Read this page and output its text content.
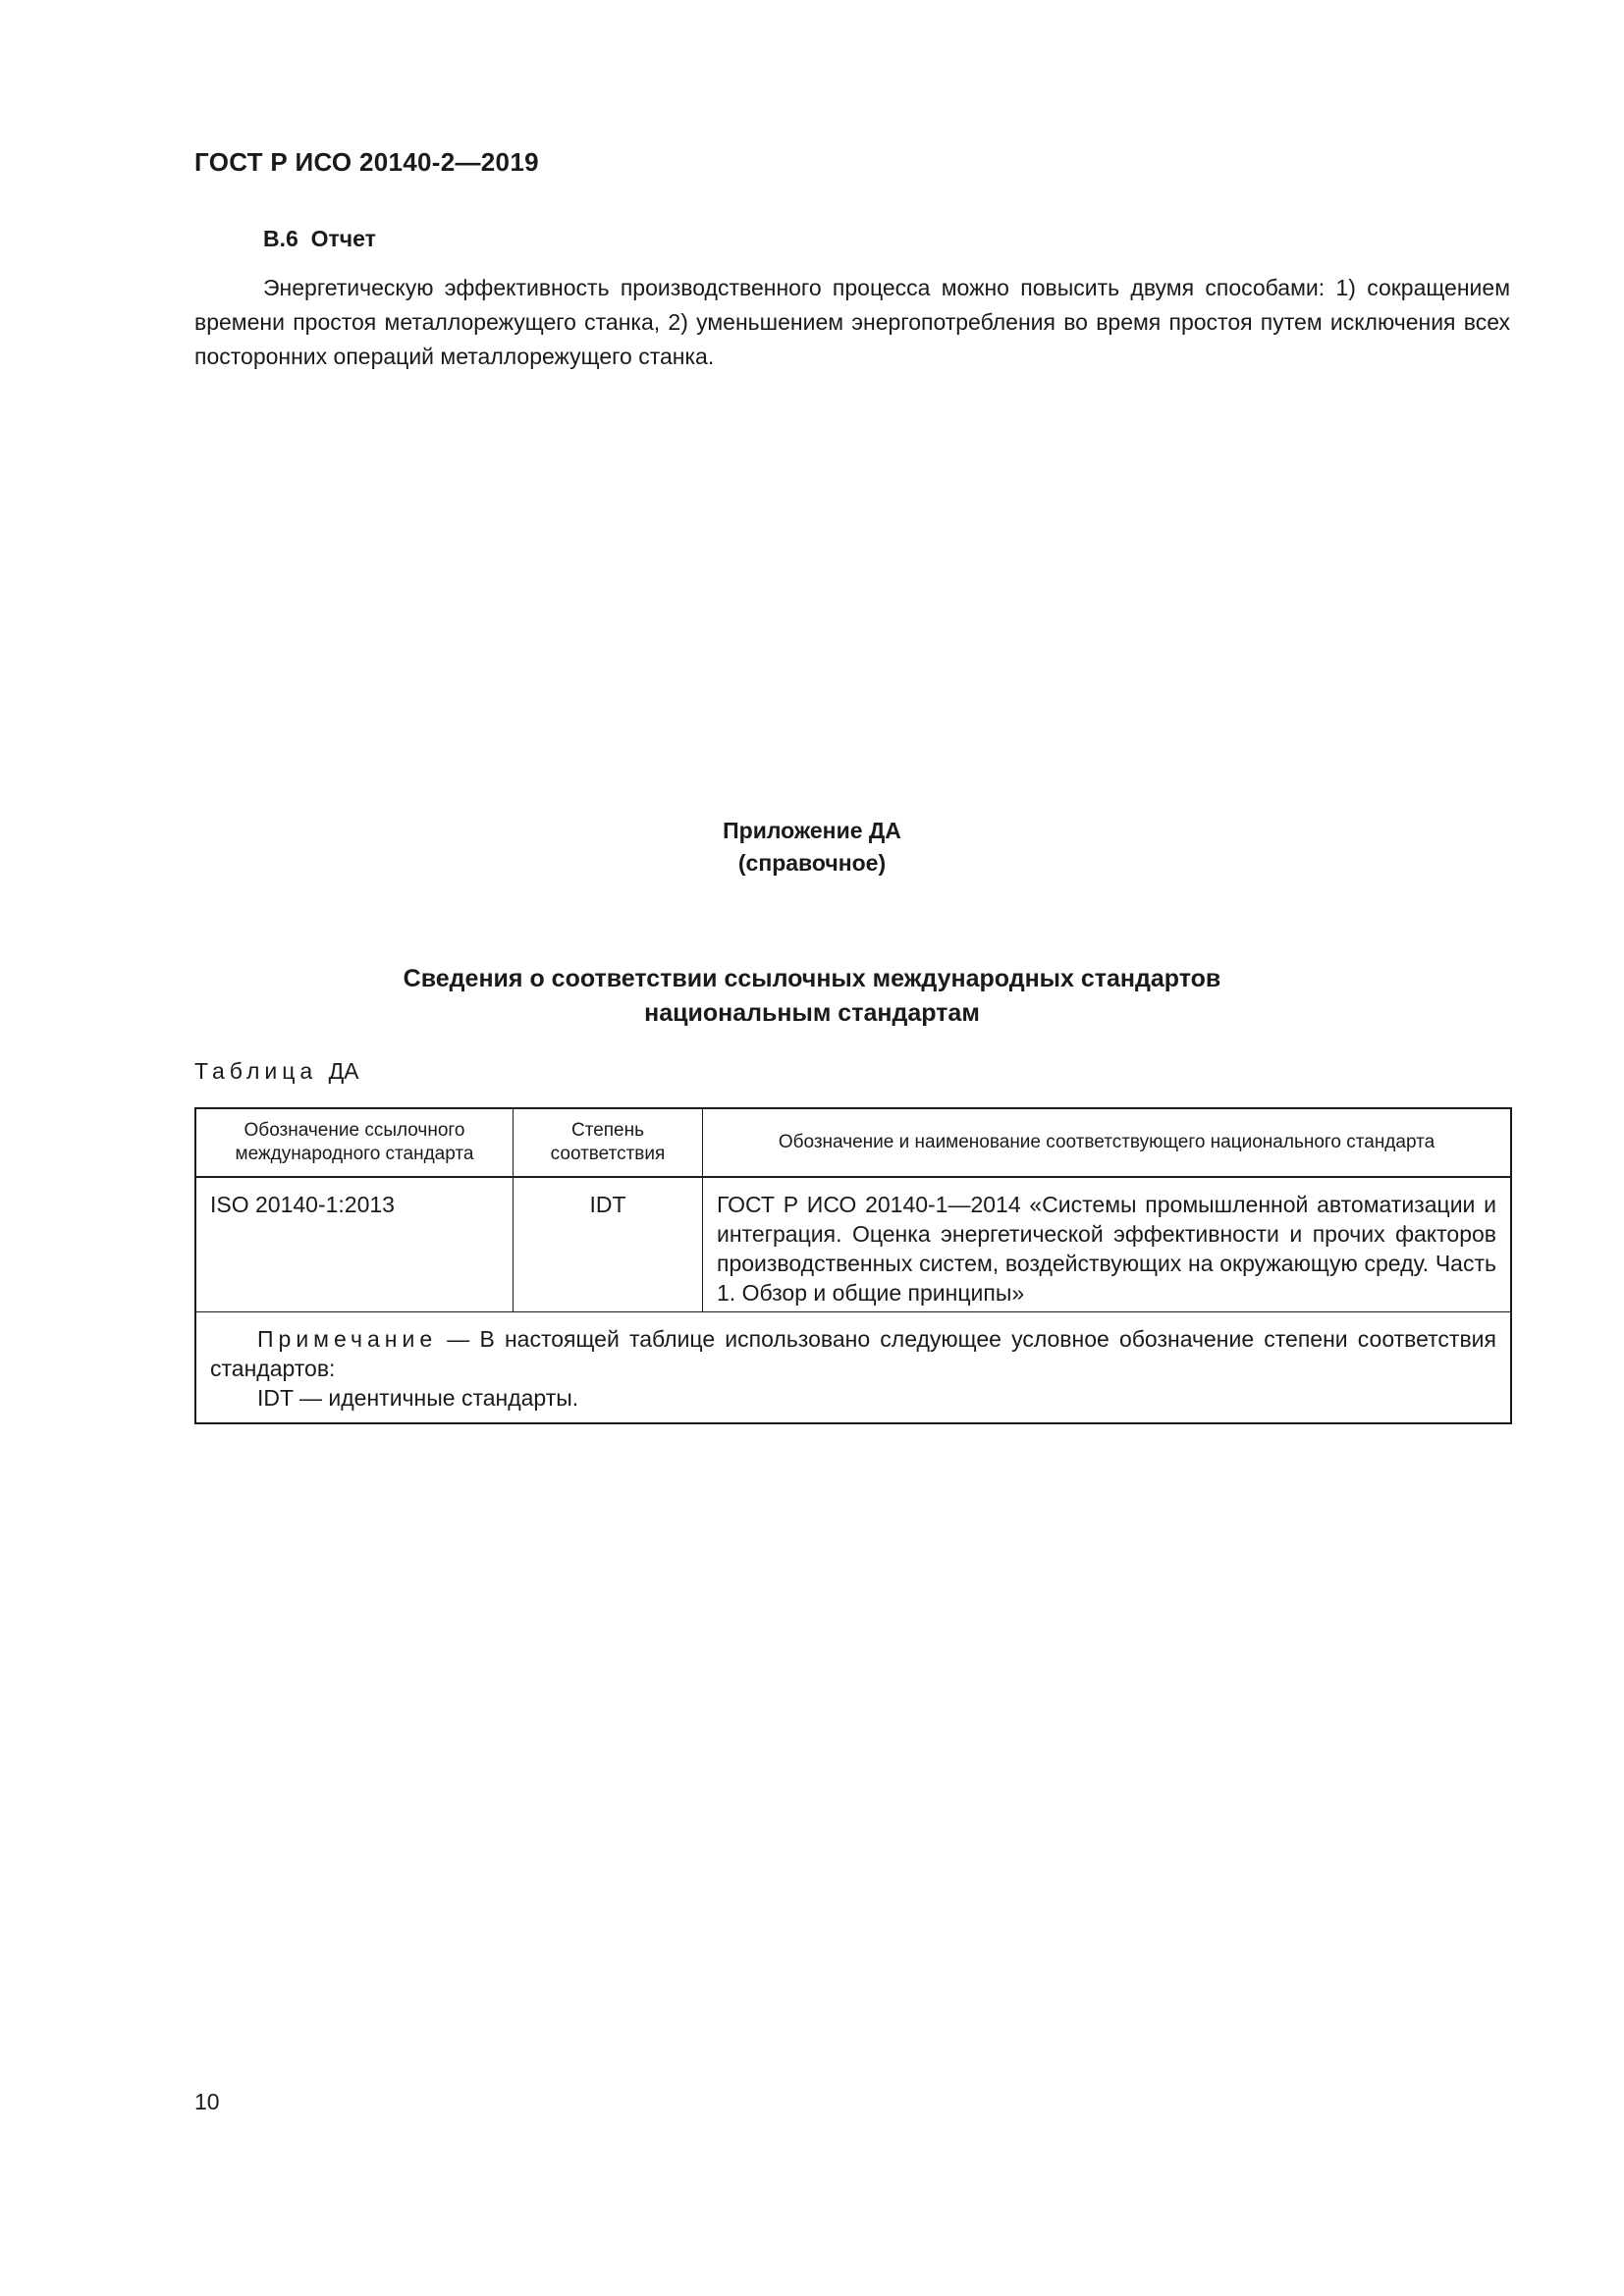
ГОСТ Р ИСО 20140-2—2019
B.6  Отчет
Энергетическую эффективность производственного процесса можно повысить двумя способами: 1) сокращением времени простоя металлорежущего станка, 2) уменьшением энергопотребления во время простоя путем исключения всех посторонних операций металлорежущего станка.
Приложение ДА
(справочное)
Сведения о соответствии ссылочных международных стандартов
национальным стандартам
Таблица ДА
Обозначение ссылочного международного стандарта	Степень соответствия	Обозначение и наименование соответствующего национального стандарта
ISO 20140-1:2013	IDT	ГОСТ Р ИСО 20140-1—2014 «Системы промышленной автоматизации и интеграция. Оценка энергетической эффективности и прочих факторов производственных систем, воздействующих на окружающую среду. Часть 1. Обзор и общие принципы»

Примечание — В настоящей таблице использовано следующее условное обозначение степени соответствия стандартов:
IDT — идентичные стандарты.		
10
